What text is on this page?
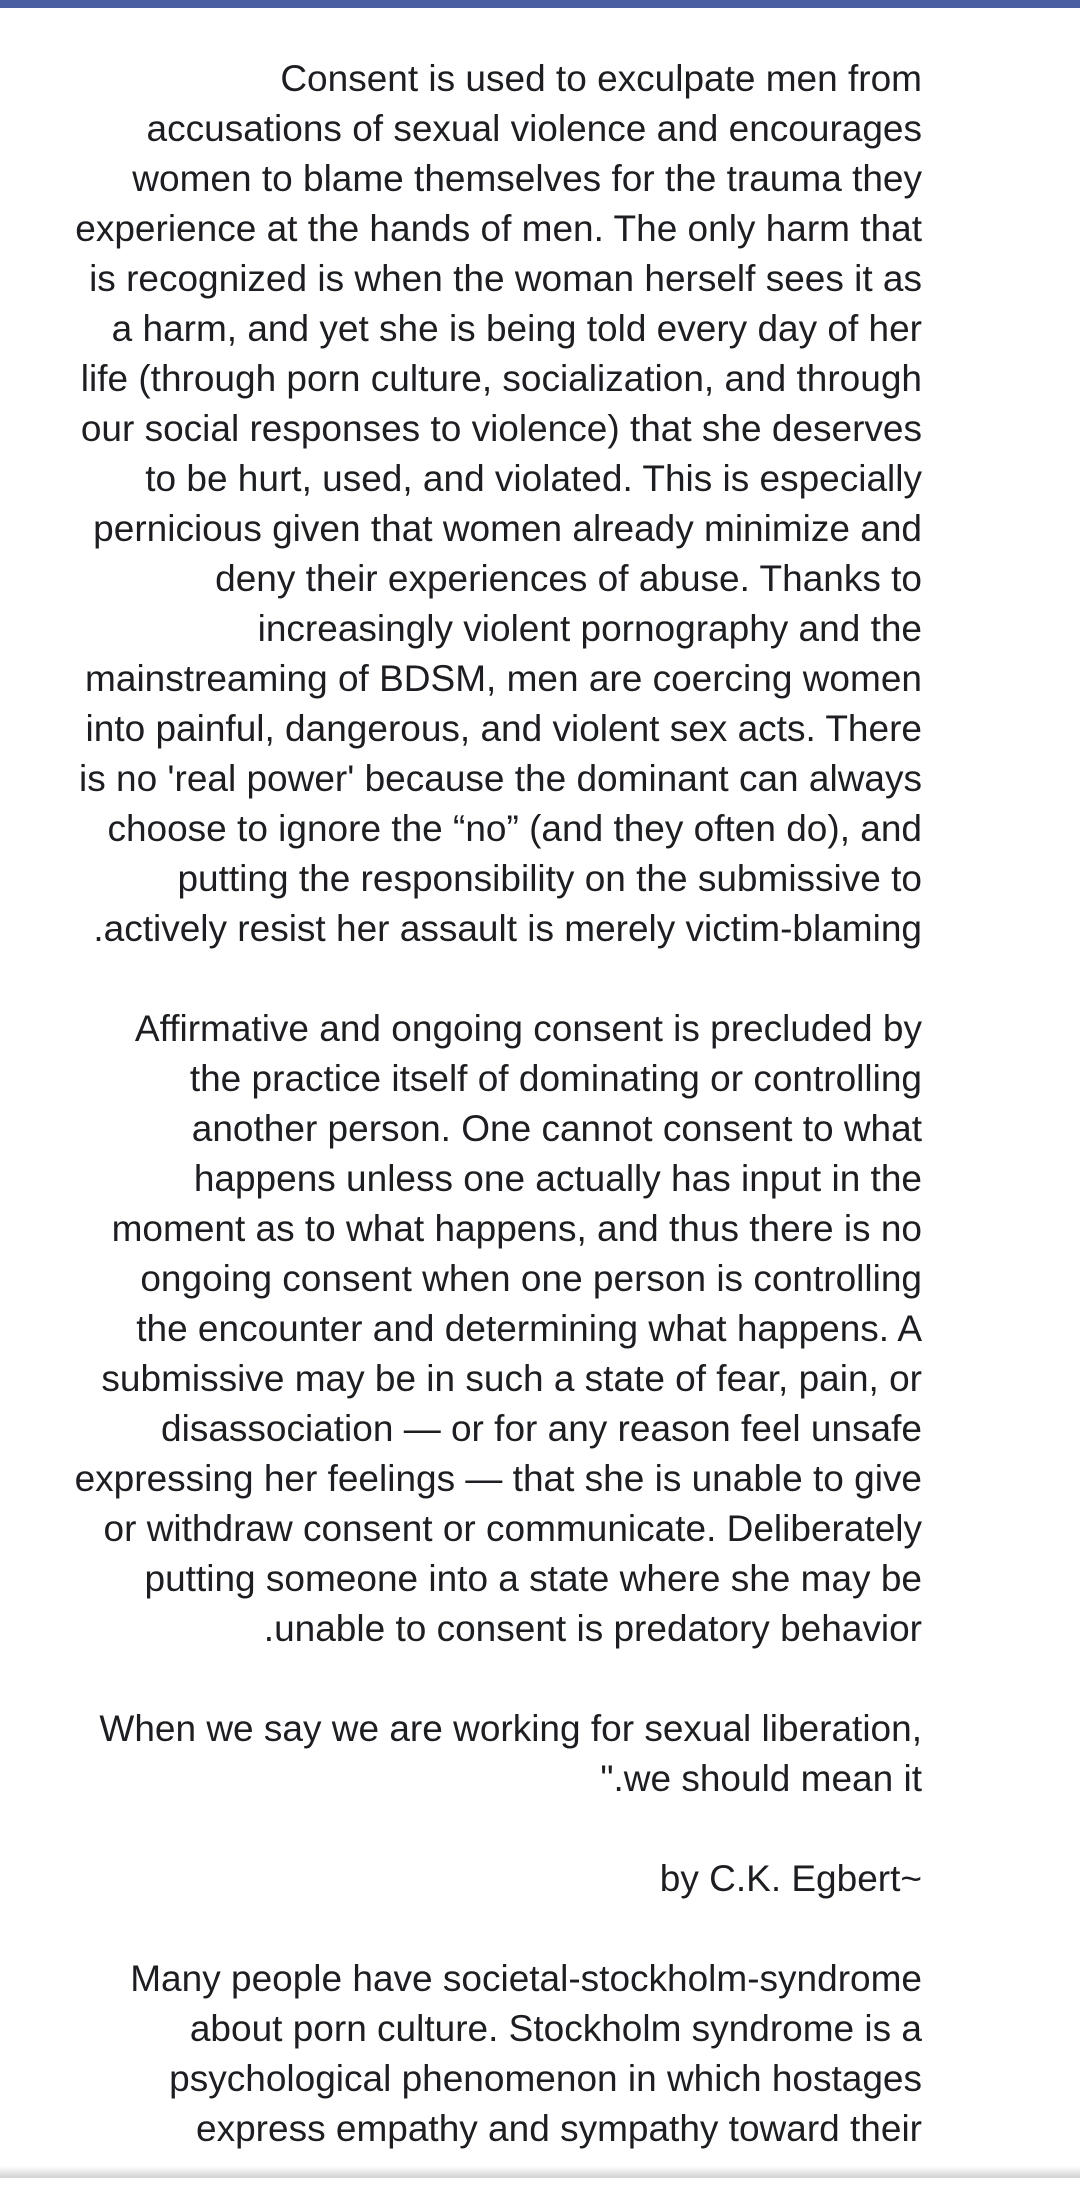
Consent is used to exculpate men from
accusations of sexual violence and encourages
women to blame themselves for the trauma they
experience at the hands of men. The only harm that
is recognized is when the woman herself sees it as
a harm, and yet she is being told every day of her
life (through porn culture, socialization, and through
our social responses to violence) that she deserves
to be hurt, used, and violated. This is especially
pernicious given that women already minimize and
deny their experiences of abuse. Thanks to
increasingly violent pornography and the
mainstreaming of BDSM, men are coercing women
into painful, dangerous, and violent sex acts. There
is no 'real power' because the dominant can always
choose to ignore the “no” (and they often do), and
putting the responsibility on the submissive to
.actively resist her assault is merely victim-blaming
Affirmative and ongoing consent is precluded by
the practice itself of dominating or controlling
another person. One cannot consent to what
happens unless one actually has input in the
moment as to what happens, and thus there is no
ongoing consent when one person is controlling
the encounter and determining what happens. A
submissive may be in such a state of fear, pain, or
disassociation — or for any reason feel unsafe
expressing her feelings — that she is unable to give
or withdraw consent or communicate. Deliberately
putting someone into a state where she may be
.unable to consent is predatory behavior
When we say we are working for sexual liberation,
".we should mean it
by C.K. Egbert~
Many people have societal-stockholm-syndrome
about porn culture. Stockholm syndrome is a
psychological phenomenon in which hostages
express empathy and sympathy toward their
